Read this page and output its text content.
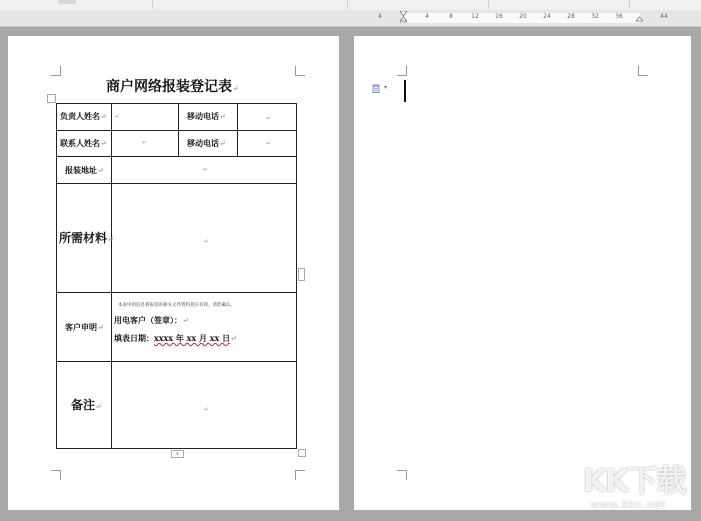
4	4	8	12	16	20	24	28	32	36	44
商户网络报装登记表↵
+
负责人姓名↵ ↵	移动电话↵	↵
联系人姓名↵	↵	移动电话↵	↵
报装地址↵	↵
所需材料↵	↵
客户申明↵
本表中的信息将报送的相关文件资料真实有效，请您确认。
用电客户（签章）：↵
填表日期：xxxx 年 xx 月 xx 日↵
备注↵	↵
▾
KK下载
www.kkx.net
